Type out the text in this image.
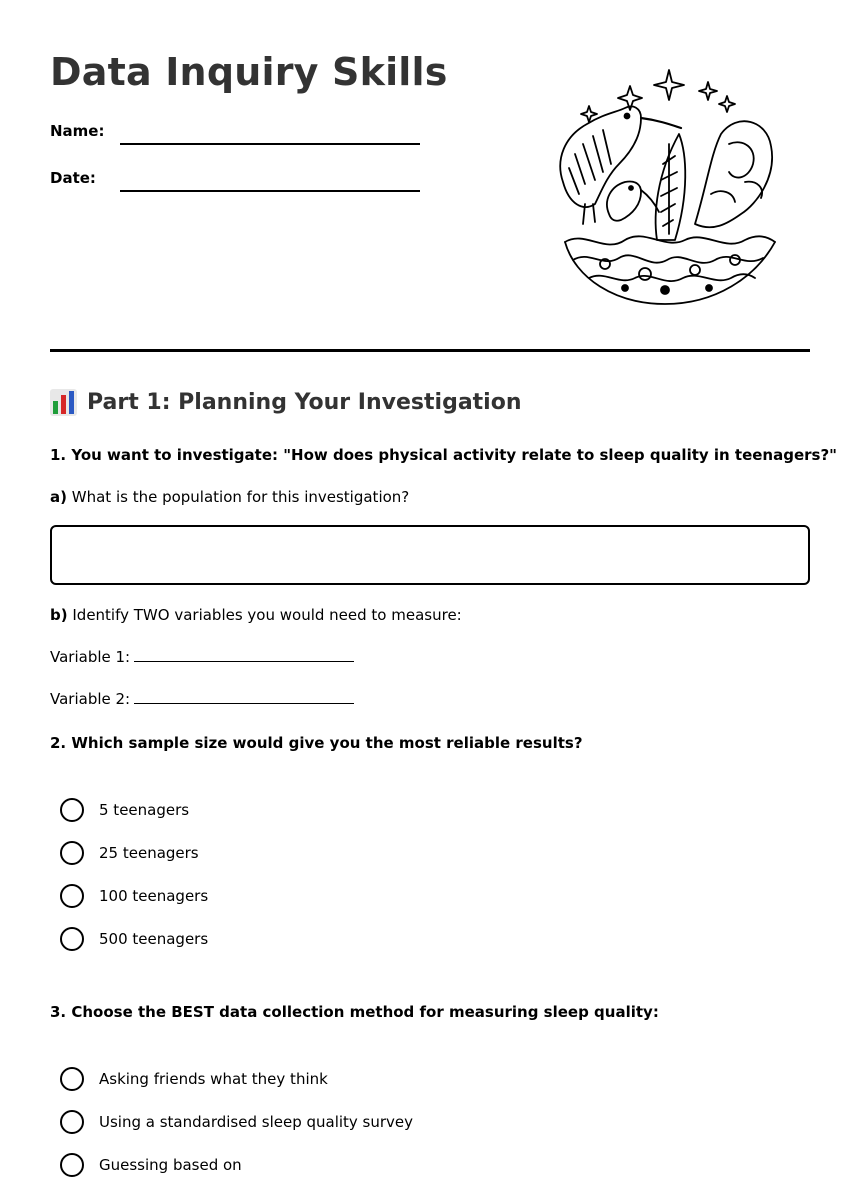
Data Inquiry Skills
Name:
Date:
Part 1: Planning Your Investigation
1. You want to investigate: "How does physical activity relate to sleep quality in teenagers?"
a) What is the population for this investigation?
b) Identify TWO variables you would need to measure:
Variable 1:
Variable 2:
2. Which sample size would give you the most reliable results?
5 teenagers
25 teenagers
100 teenagers
500 teenagers
3. Choose the BEST data collection method for measuring sleep quality:
Asking friends what they think
Using a standardised sleep quality survey
Guessing based on
